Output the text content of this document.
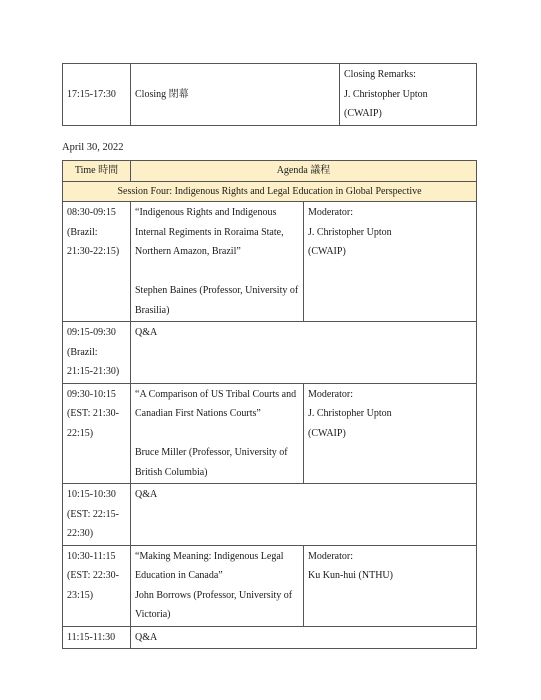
17:15-17:30	Closing 閉幕	Closing Remarks:
J. Christopher Upton
(CWAIP)
April 30, 2022
Time 時間	Agenda 議程	
Session Four: Indigenous Rights and Legal Education in Global Perspective		
08:30-09:15
(Brazil:
21:30-22:15)	“Indigenous Rights and Indigenous Internal Regiments in Roraima State, Northern Amazon, Brazil”

Stephen Baines (Professor, University of Brasilia)	Moderator:
J. Christopher Upton
(CWAIP)
09:15-09:30
(Brazil:
21:15-21:30)	Q&A	
09:30-10:15
(EST: 21:30-
22:15)	“A Comparison of US Tribal Courts and Canadian First Nations Courts”

Bruce Miller (Professor, University of British Columbia)	Moderator:
J. Christopher Upton
(CWAIP)
10:15-10:30
(EST: 22:15-
22:30)	Q&A	
10:30-11:15
(EST: 22:30-
23:15)	“Making Meaning: Indigenous Legal Education in Canada”
John Borrows (Professor, University of Victoria)	Moderator:
Ku Kun-hui (NTHU)
11:15-11:30	Q&A	
